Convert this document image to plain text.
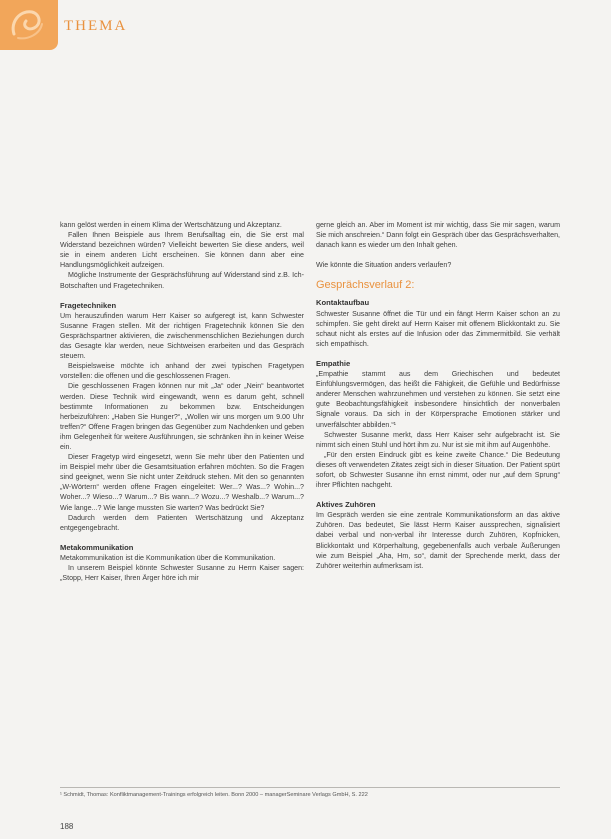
THEMA

kann gelöst werden in einem Klima der Wertschätzung und Akzeptanz.

Fallen Ihnen Beispiele aus Ihrem Berufsalltag ein, die Sie erst mal Widerstand bezeichnen würden? Vielleicht bewerten Sie diese anders, weil sie in einem anderen Licht erscheinen. Sie können dann aber eine Handlungsmöglichkeit aufzeigen.

Mögliche Instrumente der Gesprächsführung auf Widerstand sind z.B. Ich-Botschaften und Fragetechniken.

Fragetechniken

Um herauszufinden warum Herr Kaiser so aufgeregt ist, kann Schwester Susanne Fragen stellen. Mit der richtigen Fragetechnik können Sie den Gesprächspartner aktivieren, die zwischenmenschlichen Beziehungen durch das Gesagte klar werden, neue Sichtweisen erarbeiten und das Gespräch steuern.

Beispielsweise möchte ich anhand der zwei typischen Fragetypen vorstellen: die offenen und die geschlossenen Fragen.

Die geschlossenen Fragen können nur mit „Ja“ oder „Nein“ beantwortet werden. Diese Technik wird eingewandt, wenn es darum geht, schnell bestimmte Informationen zu bekommen bzw. Entscheidungen herbeizuführen: „Haben Sie Hunger?“, „Wollen wir uns morgen um 9.00 Uhr treffen?“ Offene Fragen bringen das Gegenüber zum Nachdenken und geben ihm Gelegenheit für weitere Ausführungen, sie schränken ihn in keiner Weise ein.

Dieser Fragetyp wird eingesetzt, wenn Sie mehr über den Patienten und im Beispiel mehr über die Gesamtsituation erfahren möchten. So die Fragen sind geeignet, wenn Sie nicht unter Zeitdruck stehen. Mit den so genannten „W-Wörtern“ werden offene Fragen eingeleitet: Wer...? Was...? Wohin...? Woher...? Wieso...? Warum...? Bis wann...? Wozu...? Weshalb...? Warum...? Wie lange...? Wie lange mussten Sie warten? Was bedrückt Sie?

Dadurch werden dem Patienten Wertschätzung und Akzeptanz entgegengebracht.

Metakommunikation

Metakommunikation ist die Kommunikation über die Kommunikation.

In unserem Beispiel könnte Schwester Susanne zu Herrn Kaiser sagen: „Stopp, Herr Kaiser, Ihren Ärger höre ich mir

gerne gleich an. Aber im Moment ist mir wichtig, dass Sie mir sagen, warum Sie mich anschreien.“ Dann folgt ein Gespräch über das Gesprächsverhalten, danach kann es wieder um den Inhalt gehen.

Wie könnte die Situation anders verlaufen?

Gesprächsverlauf 2:
Kontaktaufbau

Schwester Susanne öffnet die Tür und ein fängt Herrn Kaiser schon an zu schimpfen. Sie geht direkt auf Herrn Kaiser mit offenem Blickkontakt zu. Sie schaut nicht als erstes auf die Infusion oder das Zimmermitbild. Sie verhält sich empathisch.

Empathie

„Empathie stammt aus dem Griechischen und bedeutet Einfühlungsvermögen, das heißt die Fähigkeit, die Gefühle und Bedürfnisse anderer Menschen wahrzunehmen und verstehen zu können. Sie setzt eine gute Beobachtungsfähigkeit insbesondere hinsichtlich der nonverbalen Signale voraus. Da sich in der Körpersprache Emotionen stärker und unverfälschter abbilden.“¹

Schwester Susanne merkt, dass Herr Kaiser sehr aufgebracht ist. Sie nimmt sich einen Stuhl und hört ihm zu. Nur ist sie mit ihm auf Augenhöhe.

„Für den ersten Eindruck gibt es keine zweite Chance.“ Die Bedeutung dieses oft verwendeten Zitates zeigt sich in dieser Situation. Der Patient spürt sofort, ob Schwester Susanne ihn ernst nimmt, oder nur „auf dem Sprung“ ihrer Pflichten nachgeht.

Aktives Zuhören

Im Gespräch werden sie eine zentrale Kommunikationsform an das aktive Zuhören. Das bedeutet, Sie lässt Herrn Kaiser aussprechen, signalisiert dabei verbal und non-verbal ihr Interesse durch Zuhören, Kopfnicken, Blickkontakt und Körperhaltung, gegebenenfalls auch verbale Äußerungen wie zum Beispiel „Aha, Hm, so“, damit der Sprechende merkt, dass der Zuhörer weiterhin aufmerksam ist.

¹ Schmidt, Thomas: Konfliktmanagement-Trainings erfolgreich leiten. Bonn 2000 – managerSeminare Verlags GmbH, S. 222
188
